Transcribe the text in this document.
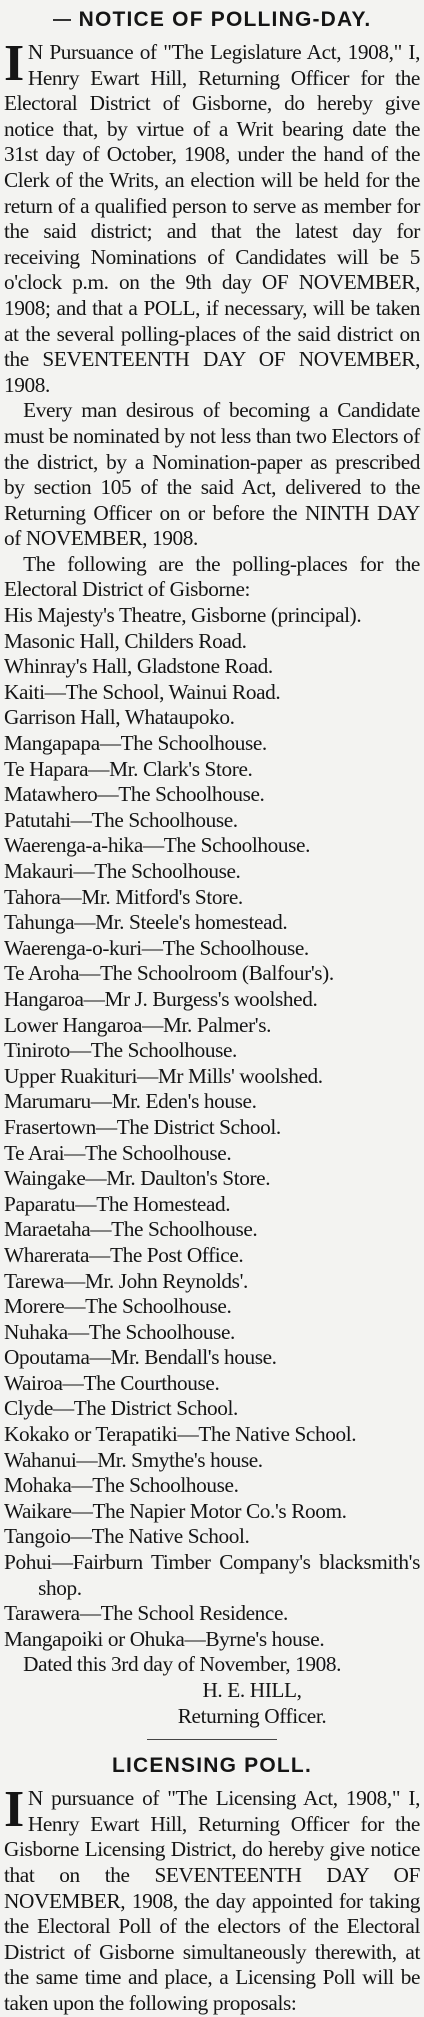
NOTICE OF POLLING-DAY.

I N Pursuance of "The Legislature Act, 1908," I, Henry Ewart Hill, Returning Officer for the Electoral District of Gisborne, do hereby give notice that, by virtue of a Writ bearing date the 31st day of October, 1908, under the hand of the Clerk of the Writs, an election will be held for the return of a qualified person to serve as member for the said district; and that the latest day for receiving Nominations of Candidates will be 5 o'clock p.m. on the 9th day OF NOVEMBER, 1908; and that a POLL, if necessary, will be taken at the several polling-places of the said district on the SEVENTEENTH DAY OF NOVEMBER, 1908.

Every man desirous of becoming a Candidate must be nominated by not less than two Electors of the district, by a Nomination-paper as prescribed by section 105 of the said Act, delivered to the Returning Officer on or before the NINTH DAY of NOVEMBER, 1908.

The following are the polling-places for the Electoral District of Gisborne:

His Majesty's Theatre, Gisborne (principal).
Masonic Hall, Childers Road.
Whinray's Hall, Gladstone Road.
Kaiti—The School, Wainui Road.
Garrison Hall, Whataupoko.
Mangapapa—The Schoolhouse.
Te Hapara—Mr. Clark's Store.
Matawhero—The Schoolhouse.
Patutahi—The Schoolhouse.
Waerenga-a-hika—The Schoolhouse.
Makauri—The Schoolhouse.
Tahora—Mr. Mitford's Store.
Tahunga—Mr. Steele's homestead.
Waerenga-o-kuri—The Schoolhouse.
Te Aroha—The Schoolroom (Balfour's).
Hangaroa—Mr J. Burgess's woolshed.
Lower Hangaroa—Mr. Palmer's.
Tiniroto—The Schoolhouse.
Upper Ruakituri—Mr Mills' woolshed.
Marumaru—Mr. Eden's house.
Frasertown—The District School.
Te Arai—The Schoolhouse.
Waingake—Mr. Daulton's Store.
Paparatu—The Homestead.
Maraetaha—The Schoolhouse.
Wharerata—The Post Office.
Tarewa—Mr. John Reynolds'.
Morere—The Schoolhouse.
Nuhaka—The Schoolhouse.
Opoutama—Mr. Bendall's house.
Wairoa—The Courthouse.
Clyde—The District School.
Kokako or Terapatiki—The Native School.
Wahanui—Mr. Smythe's house.
Mohaka—The Schoolhouse.
Waikare—The Napier Motor Co.'s Room.
Tangoio—The Native School.
Pohui—Fairburn Timber Company's blacksmith's shop.
Tarawera—The School Residence.
Mangapoiki or Ohuka—Byrne's house.

Dated this 3rd day of November, 1908.

H. E. HILL,

Returning Officer.

LICENSING POLL.

I N pursuance of "The Licensing Act, 1908," I, Henry Ewart Hill, Returning Officer for the Gisborne Licensing District, do hereby give notice that on the SEVENTEENTH DAY OF NOVEMBER, 1908, the day appointed for taking the Electoral Poll of the electors of the Electoral District of Gisborne simultaneously therewith, at the same time and place, a Licensing Poll will be taken upon the following proposals:
